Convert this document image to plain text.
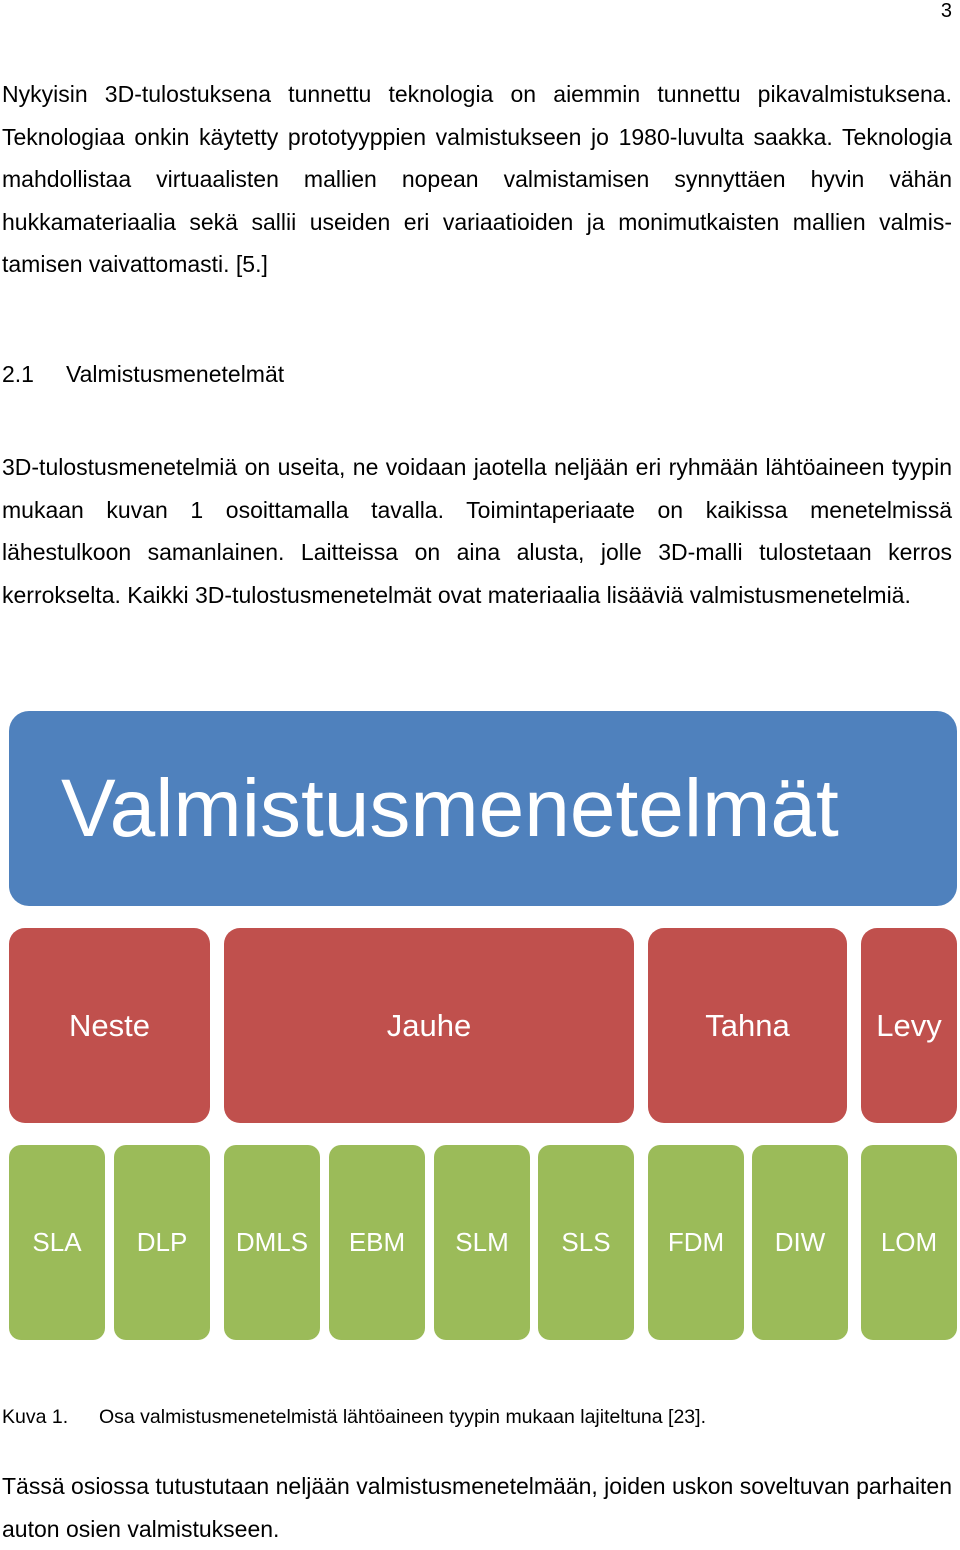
3

Nykyisin 3D-tulostuksena tunnettu teknologia on aiemmin tunnettu pikavalmistuksena. Teknologiaa onkin käytetty prototyyppien valmistukseen jo 1980-luvulta saakka. Teknologia mahdollistaa virtuaalisten mallien nopean valmistamisen synnyttäen hyvin vähän hukkamateriaalia sekä sallii useiden eri variaatioiden ja monimutkaisten mallien valmistamisen vaivattomasti. [5.]

2.1 Valmistusmenetelmät

3D-tulostusmenetelmiä on useita, ne voidaan jaotella neljään eri ryhmään lähtöaineen tyypin mukaan kuvan 1 osoittamalla tavalla. Toimintaperiaate on kaikissa menetelmissä lähestulkoon samanlainen. Laitteissa on aina alusta, jolle 3D-malli tulostetaan kerros kerrokselta. Kaikki 3D-tulostusmenetelmät ovat materiaalia lisääviä valmistusmenetelmiä.

Valmistusmenetelmät
Neste	Jauhe	Tahna	Levy
SLA	DLP	DMLS	EBM	SLM	SLS	FDM	DIW	LOM
Kuva 1. Osa valmistusmenetelmistä lähtöaineen tyypin mukaan lajiteltuna [23].

Tässä osiossa tutustutaan neljään valmistusmenetelmään, joiden uskon soveltuvan parhaiten auton osien valmistukseen.
